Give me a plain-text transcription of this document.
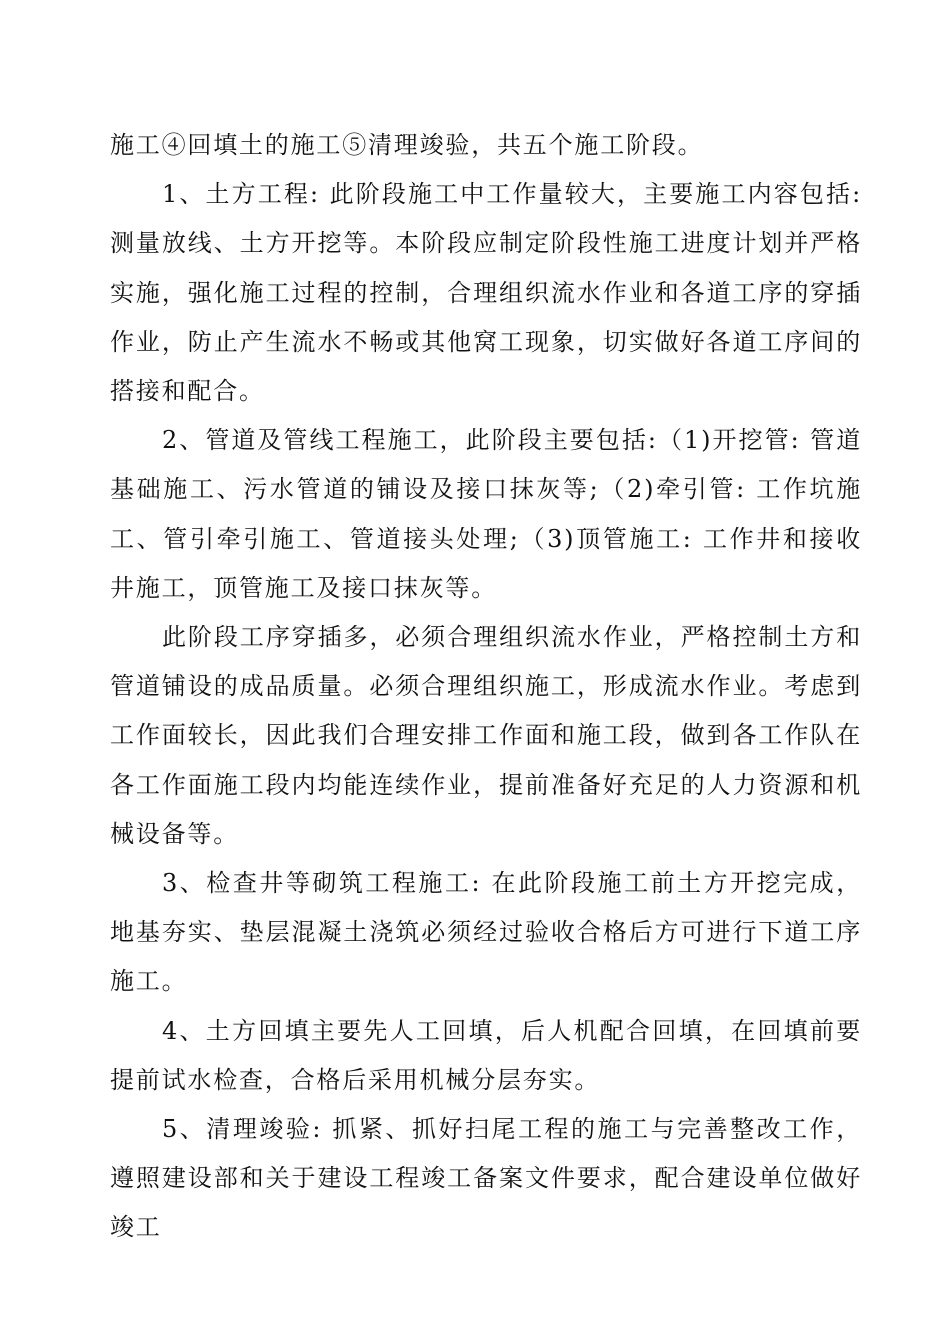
施工④回填土的施工⑤清理竣验，共五个施工阶段。

1、土方工程: 此阶段施工中工作量较大，主要施工内容包括: 测量放线、土方开挖等。本阶段应制定阶段性施工进度计划并严格实施，强化施工过程的控制，合理组织流水作业和各道工序的穿插作业，防止产生流水不畅或其他窝工现象，切实做好各道工序间的搭接和配合。

2、管道及管线工程施工，此阶段主要包括:（1)开挖管: 管道基础施工、污水管道的铺设及接口抹灰等;（2)牵引管: 工作坑施工、管引牵引施工、管道接头处理;（3)顶管施工: 工作井和接收井施工，顶管施工及接口抹灰等。

此阶段工序穿插多，必须合理组织流水作业，严格控制土方和管道铺设的成品质量。必须合理组织施工，形成流水作业。考虑到工作面较长，因此我们合理安排工作面和施工段，做到各工作队在各工作面施工段内均能连续作业，提前准备好充足的人力资源和机械设备等。

3、检查井等砌筑工程施工: 在此阶段施工前土方开挖完成，地基夯实、垫层混凝土浇筑必须经过验收合格后方可进行下道工序施工。

4、土方回填主要先人工回填，后人机配合回填，在回填前要提前试水检查，合格后采用机械分层夯实。

5、清理竣验: 抓紧、抓好扫尾工程的施工与完善整改工作，遵照建设部和关于建设工程竣工备案文件要求，配合建设单位做好竣工
